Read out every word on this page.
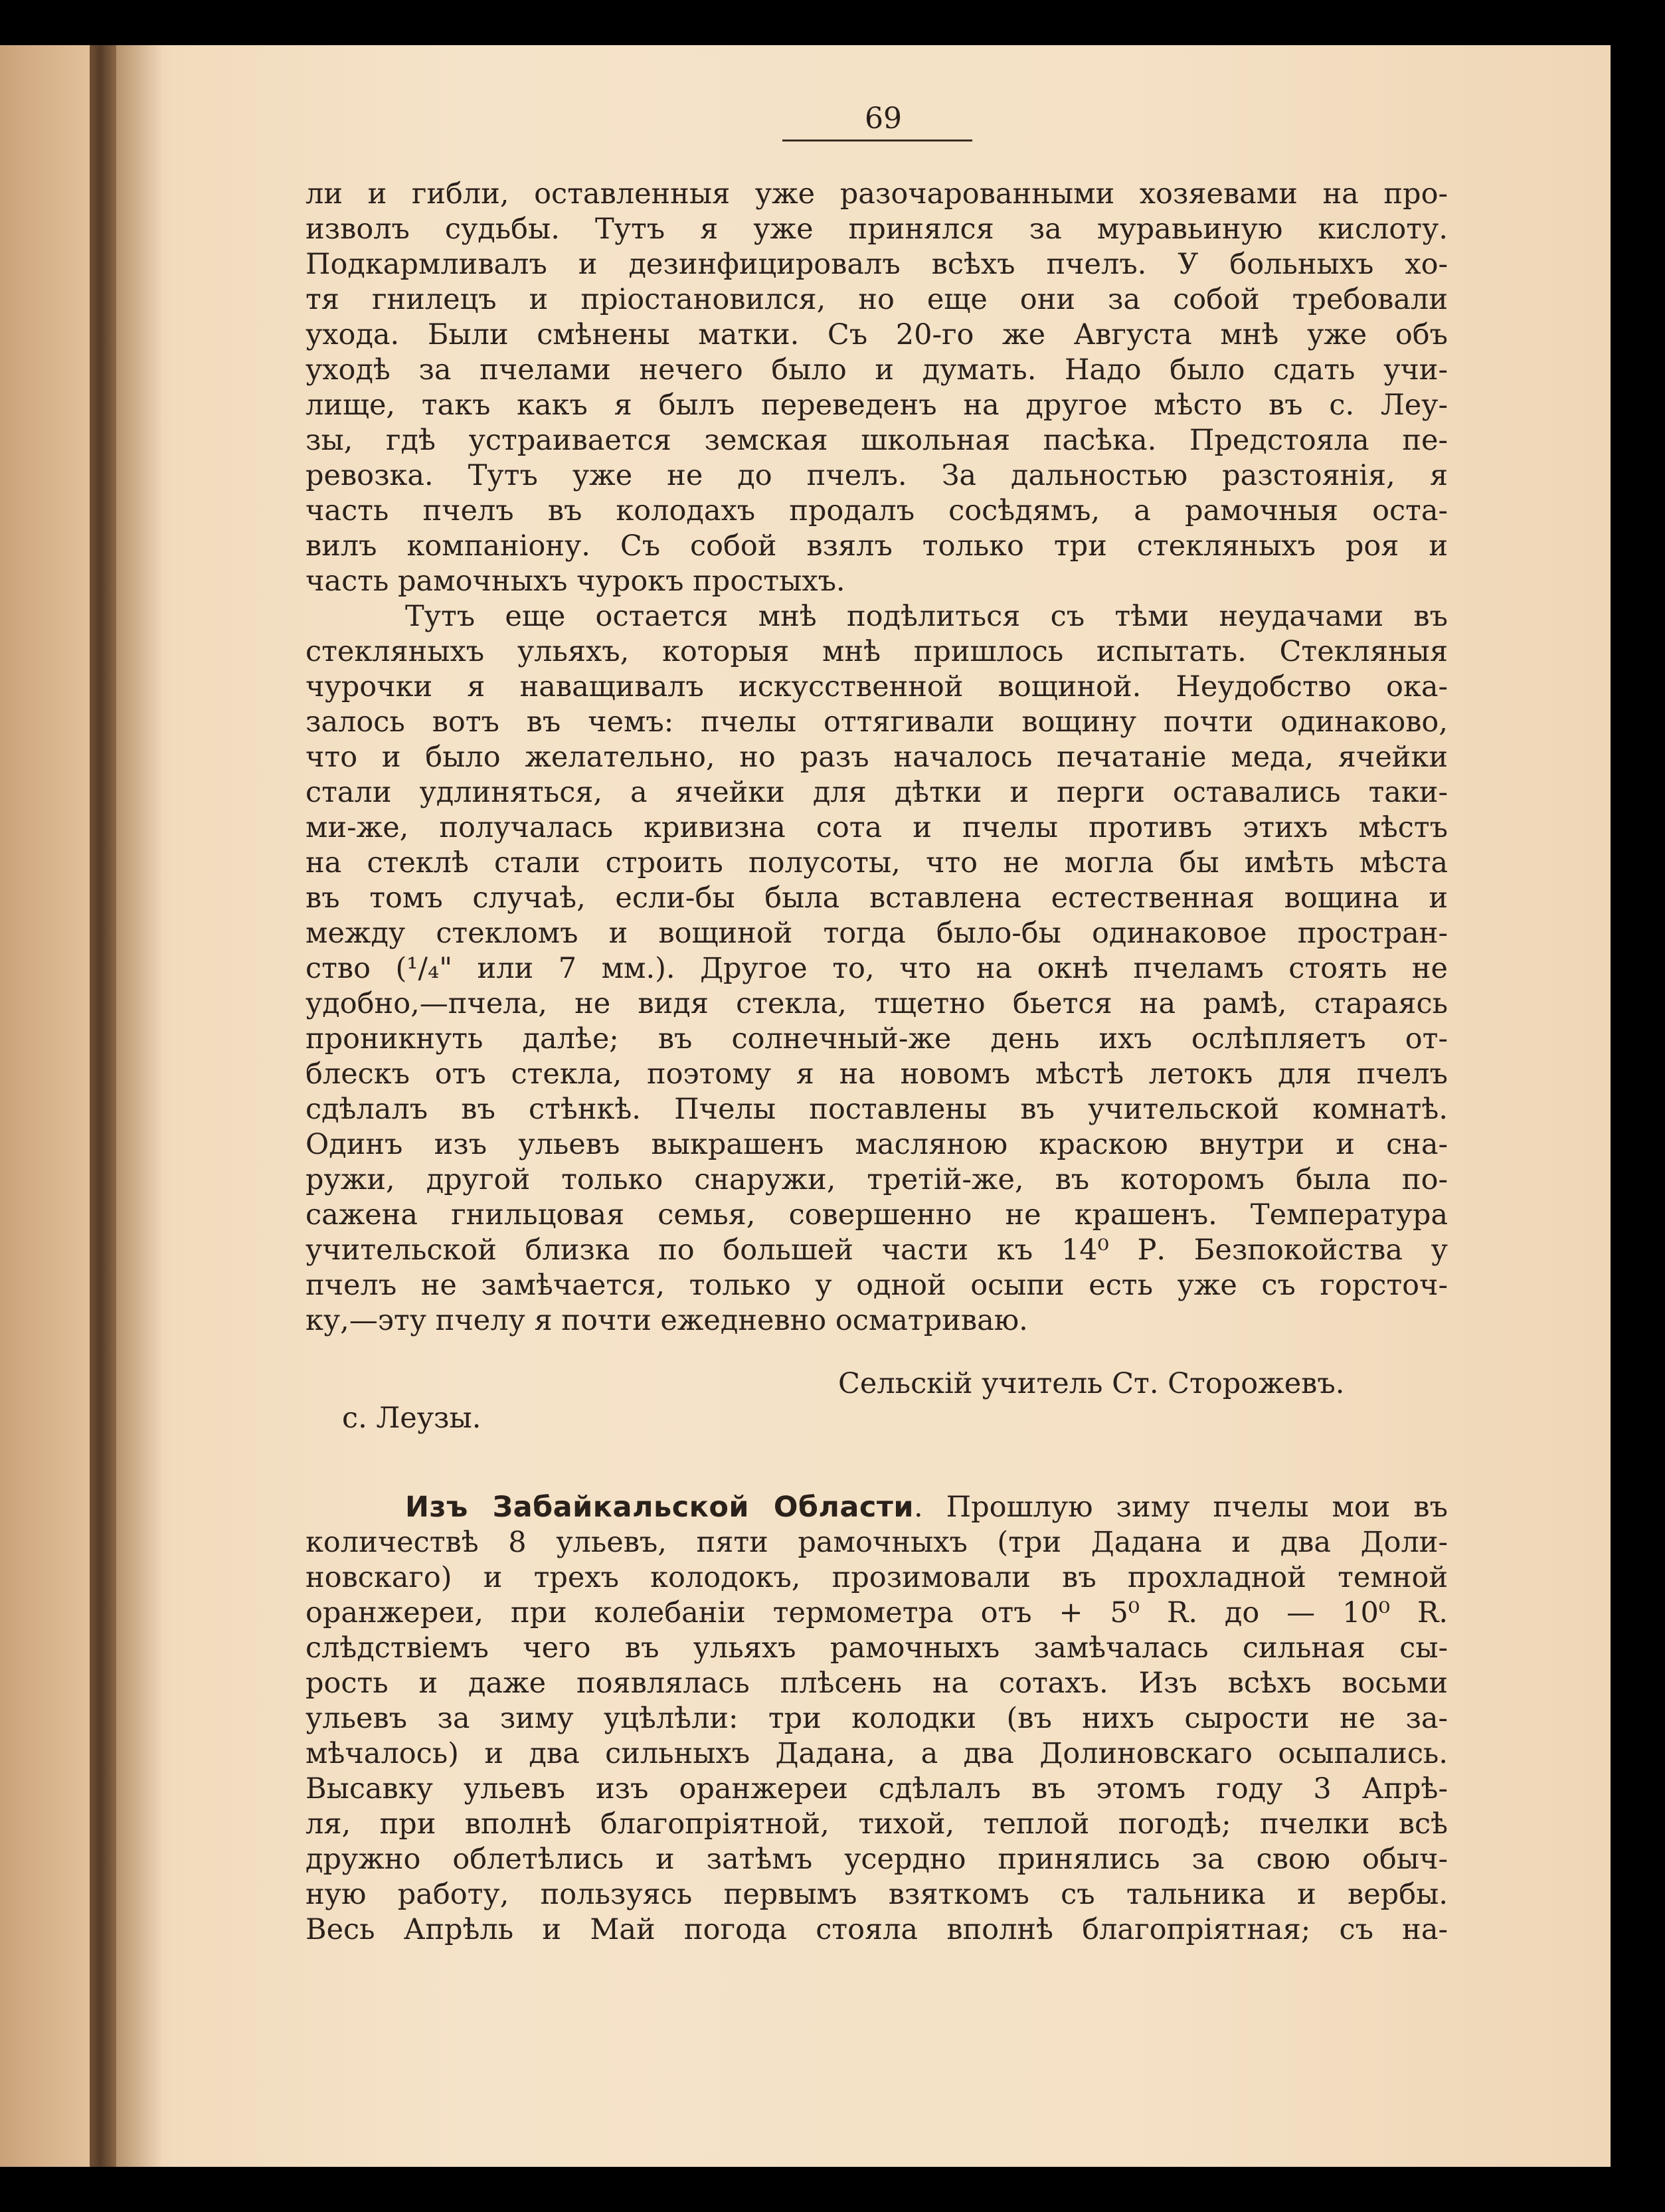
69
ли и гибли, оставленныя уже разочарованными хозяевами на про-
изволъ судьбы. Тутъ я уже принялся за муравьиную кислоту.
Подкармливалъ и дезинфицировалъ всѣхъ пчелъ. У больныхъ хо-
тя гнилецъ и пріостановился, но еще они за собой требовали
ухода. Были смѣнены матки. Съ 20-го же Августа мнѣ уже объ
уходѣ за пчелами нечего было и думать. Надо было сдать учи-
лище, такъ какъ я былъ переведенъ на другое мѣсто въ с. Леу-
зы, гдѣ устраивается земская школьная пасѣка. Предстояла пе-
ревозка. Тутъ уже не до пчелъ. За дальностью разстоянія, я
часть пчелъ въ колодахъ продалъ сосѣдямъ, а рамочныя оста-
вилъ компаніону. Съ собой взялъ только три стекляныхъ роя и
часть рамочныхъ чурокъ простыхъ.
Тутъ еще остается мнѣ подѣлиться съ тѣми неудачами въ
стекляныхъ ульяхъ, которыя мнѣ пришлось испытать. Стекляныя
чурочки я наващивалъ искусственной вощиной. Неудобство ока-
залось вотъ въ чемъ: пчелы оттягивали вощину почти одинаково,
что и было желательно, но разъ началось печатаніе меда, ячейки
стали удлиняться, а ячейки для дѣтки и перги оставались таки-
ми-же, получалась кривизна сота и пчелы противъ этихъ мѣстъ
на стеклѣ стали строить полусоты, что не могла бы имѣть мѣста
въ томъ случаѣ, если-бы была вставлена естественная вощина и
между стекломъ и вощиной тогда было-бы одинаковое простран-
ство (¹/₄" или 7 мм.). Другое то, что на окнѣ пчеламъ стоять не
удобно,—пчела, не видя стекла, тщетно бьется на рамѣ, стараясь
проникнуть далѣе; въ солнечный-же день ихъ ослѣпляетъ от-
блескъ отъ стекла, поэтому я на новомъ мѣстѣ летокъ для пчелъ
сдѣлалъ въ стѣнкѣ. Пчелы поставлены въ учительской комнатѣ.
Одинъ изъ ульевъ выкрашенъ масляною краскою внутри и сна-
ружи, другой только снаружи, третій-же, въ которомъ была по-
сажена гнильцовая семья, совершенно не крашенъ. Температура
учительской близка по большей части къ 14⁰ Р. Безпокойства у
пчелъ не замѣчается, только у одной осыпи есть уже съ горсточ-
ку,—эту пчелу я почти ежедневно осматриваю.
Сельскій учитель Ст. Сторожевъ.
с. Леузы.
Изъ Забайкальской Области. Прошлую зиму пчелы мои въ
количествѣ 8 ульевъ, пяти рамочныхъ (три Дадана и два Доли-
новскаго) и трехъ колодокъ, прозимовали въ прохладной темной
оранжереи, при колебаніи термометра отъ + 5⁰ R. до — 10⁰ R.
слѣдствіемъ чего въ ульяхъ рамочныхъ замѣчалась сильная сы-
рость и даже появлялась плѣсень на сотахъ. Изъ всѣхъ восьми
ульевъ за зиму уцѣлѣли: три колодки (въ нихъ сырости не за-
мѣчалось) и два сильныхъ Дадана, а два Долиновскаго осыпались.
Высавку ульевъ изъ оранжереи сдѣлалъ въ этомъ году 3 Апрѣ-
ля, при вполнѣ благопріятной, тихой, теплой погодѣ; пчелки всѣ
дружно облетѣлись и затѣмъ усердно принялись за свою обыч-
ную работу, пользуясь первымъ взяткомъ съ тальника и вербы.
Весь Апрѣль и Май погода стояла вполнѣ благопріятная; съ на-
